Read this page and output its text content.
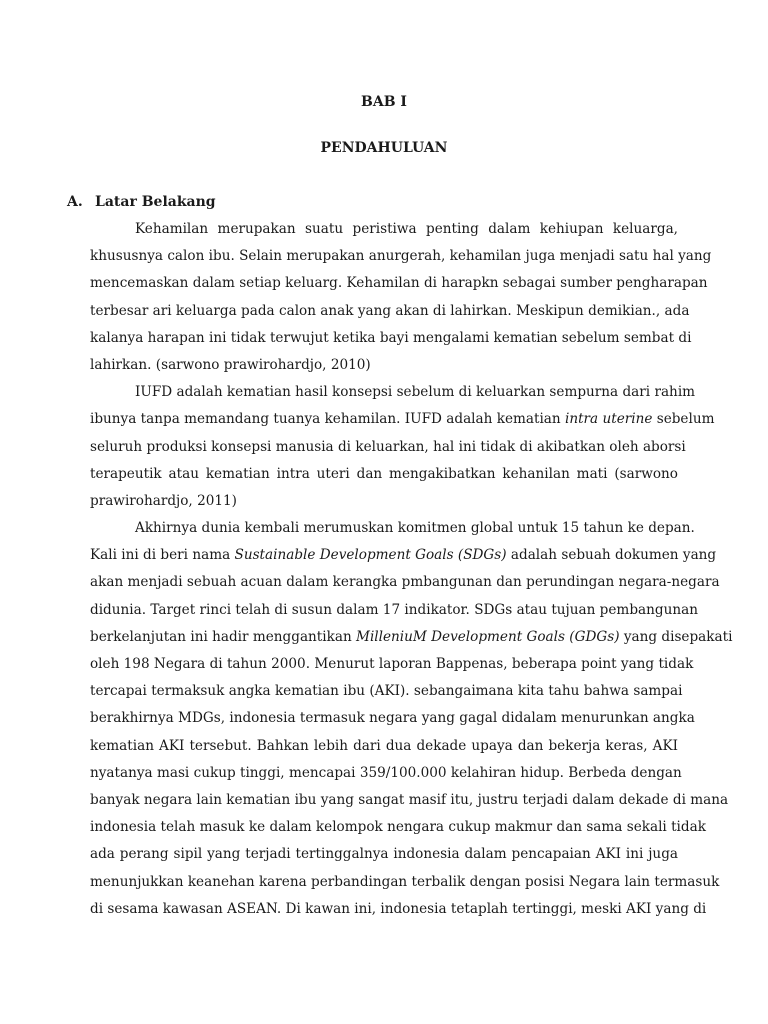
BAB I
PENDAHULUAN
A. Latar Belakang
Kehamilan merupakan suatu peristiwa penting dalam kehiupan keluarga,
khususnya calon ibu. Selain merupakan anurgerah, kehamilan juga menjadi satu hal yang
mencemaskan dalam setiap keluarg. Kehamilan di harapkn sebagai sumber pengharapan
terbesar ari keluarga pada calon anak yang akan di lahirkan. Meskipun demikian., ada
kalanya harapan ini tidak terwujut ketika bayi mengalami kematian sebelum sembat di
lahirkan. (sarwono prawirohardjo, 2010)
IUFD adalah kematian hasil konsepsi sebelum di keluarkan sempurna dari rahim
ibunya tanpa memandang tuanya kehamilan. IUFD adalah kematian intra uterine sebelum
seluruh produksi konsepsi manusia di keluarkan, hal ini tidak di akibatkan oleh aborsi
terapeutik atau kematian intra uteri dan mengakibatkan kehanilan mati (sarwono
prawirohardjo, 2011)
Akhirnya dunia kembali merumuskan komitmen global untuk 15 tahun ke depan.
Kali ini di beri nama Sustainable Development Goals (SDGs) adalah sebuah dokumen yang
akan menjadi sebuah acuan dalam kerangka pmbangunan dan perundingan negara-negara
didunia. Target rinci telah di susun dalam 17 indikator. SDGs atau tujuan pembangunan
berkelanjutan ini hadir menggantikan MilleniuM Development Goals (GDGs) yang disepakati
oleh 198 Negara di tahun 2000. Menurut laporan Bappenas, beberapa point yang tidak
tercapai termaksuk angka kematian ibu (AKI). sebangaimana kita tahu bahwa sampai
berakhirnya MDGs, indonesia termasuk negara yang gagal didalam menurunkan angka
kematian AKI tersebut. Bahkan lebih dari dua dekade upaya dan bekerja keras, AKI
nyatanya masi cukup tinggi, mencapai 359/100.000 kelahiran hidup. Berbeda dengan
banyak negara lain kematian ibu yang sangat masif itu, justru terjadi dalam dekade di mana
indonesia telah masuk ke dalam kelompok nengara cukup makmur dan sama sekali tidak
ada perang sipil yang terjadi tertinggalnya indonesia dalam pencapaian AKI ini juga
menunjukkan keanehan karena perbandingan terbalik dengan posisi Negara lain termasuk
di sesama kawasan ASEAN. Di kawan ini, indonesia tetaplah tertinggi, meski AKI yang di
